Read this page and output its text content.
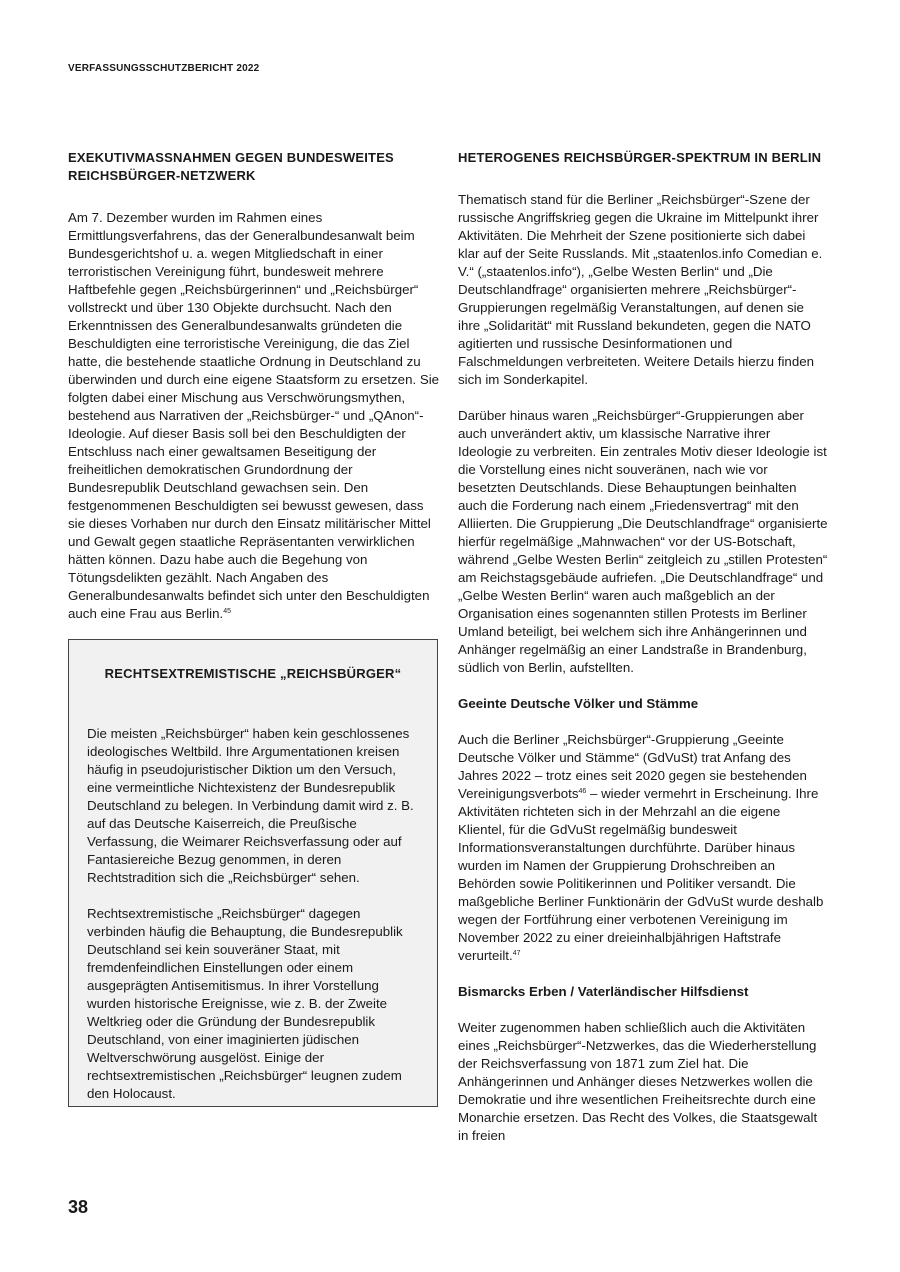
VERFASSUNGSSCHUTZBERICHT 2022
EXEKUTIVMASSNAHMEN GEGEN BUNDESWEITES REICHSBÜRGER-NETZWERK

Am 7. Dezember wurden im Rahmen eines Ermittlungsverfahrens, das der Generalbundesanwalt beim Bundesgerichtshof u. a. wegen Mitgliedschaft in einer terroristischen Vereinigung führt, bundesweit mehrere Haftbefehle gegen „Reichsbürgerinnen“ und „Reichsbürger“ vollstreckt und über 130 Objekte durchsucht. Nach den Erkenntnissen des Generalbundesanwalts gründeten die Beschuldigten eine terroristische Vereinigung, die das Ziel hatte, die bestehende staatliche Ordnung in Deutschland zu überwinden und durch eine eigene Staatsform zu ersetzen. Sie folgten dabei einer Mischung aus Verschwörungsmythen, bestehend aus Narrativen der „Reichsbürger-“ und „QAnon“-Ideologie. Auf dieser Basis soll bei den Beschuldigten der Entschluss nach einer gewaltsamen Beseitigung der freiheitlichen demokratischen Grundordnung der Bundesrepublik Deutschland gewachsen sein. Den festgenommenen Beschuldigten sei bewusst gewesen, dass sie dieses Vorhaben nur durch den Einsatz militärischer Mittel und Gewalt gegen staatliche Repräsentanten verwirklichen hätten können. Dazu habe auch die Begehung von Tötungsdelikten gezählt. Nach Angaben des Generalbundesanwalts befindet sich unter den Beschuldigten auch eine Frau aus Berlin.$^{45}$

RECHTSEXTREMISTISCHE „REICHSBÜRGER“

Die meisten „Reichsbürger“ haben kein geschlossenes ideologisches Weltbild. Ihre Argumentationen kreisen häufig in pseudojuristischer Diktion um den Versuch, eine vermeintliche Nichtexistenz der Bundesrepublik Deutschland zu belegen. In Verbindung damit wird z. B. auf das Deutsche Kaiserreich, die Preußische Verfassung, die Weimarer Reichsverfassung oder auf Fantasiereiche Bezug genommen, in deren Rechtstradition sich die „Reichsbürger“ sehen.

Rechtsextremistische „Reichsbürger“ dagegen verbinden häufig die Behauptung, die Bundesrepublik Deutschland sei kein souveräner Staat, mit fremdenfeindlichen Einstellungen oder einem ausgeprägten Antisemitismus. In ihrer Vorstellung wurden historische Ereignisse, wie z. B. der Zweite Weltkrieg oder die Gründung der Bundesrepublik Deutschland, von einer imaginierten jüdischen Weltverschwörung ausgelöst. Einige der rechtsextremistischen „Reichsbürger“ leugnen zudem den Holocaust.

HETEROGENES REICHSBÜRGER-SPEKTRUM IN BERLIN

Thematisch stand für die Berliner „Reichsbürger“-Szene der russische Angriffskrieg gegen die Ukraine im Mittelpunkt ihrer Aktivitäten. Die Mehrheit der Szene positionierte sich dabei klar auf der Seite Russlands. Mit „staatenlos.info Comedian e. V.“ („staatenlos.info“), „Gelbe Westen Berlin“ und „Die Deutschlandfrage“ organisierten mehrere „Reichsbürger“-Gruppierungen regelmäßig Veranstaltungen, auf denen sie ihre „Solidarität“ mit Russland bekundeten, gegen die NATO agitierten und russische Desinformationen und Falschmeldungen verbreiteten. Weitere Details hierzu finden sich im Sonderkapitel.

Darüber hinaus waren „Reichsbürger“-Gruppierungen aber auch unverändert aktiv, um klassische Narrative ihrer Ideologie zu verbreiten. Ein zentrales Motiv dieser Ideologie ist die Vorstellung eines nicht souveränen, nach wie vor besetzten Deutschlands. Diese Behauptungen beinhalten auch die Forderung nach einem „Friedensvertrag“ mit den Alliierten. Die Gruppierung „Die Deutschlandfrage“ organisierte hierfür regelmäßige „Mahnwachen“ vor der US-Botschaft, während „Gelbe Westen Berlin“ zeitgleich zu „stillen Protesten“ am Reichstagsgebäude aufriefen. „Die Deutschlandfrage“ und „Gelbe Westen Berlin“ waren auch maßgeblich an der Organisation eines sogenannten stillen Protests im Berliner Umland beteiligt, bei welchem sich ihre Anhängerinnen und Anhänger regelmäßig an einer Landstraße in Brandenburg, südlich von Berlin, aufstellten.

Geeinte Deutsche Völker und Stämme

Auch die Berliner „Reichsbürger“-Gruppierung „Geeinte Deutsche Völker und Stämme“ (GdVuSt) trat Anfang des Jahres 2022 – trotz eines seit 2020 gegen sie bestehenden Vereinigungsverbots$^{46}$ – wieder vermehrt in Erscheinung. Ihre Aktivitäten richteten sich in der Mehrzahl an die eigene Klientel, für die GdVuSt regelmäßig bundesweit Informationsveranstaltungen durchführte. Darüber hinaus wurden im Namen der Gruppierung Drohschreiben an Behörden sowie Politikerinnen und Politiker versandt. Die maßgebliche Berliner Funktionärin der GdVuSt wurde deshalb wegen der Fortführung einer verbotenen Vereinigung im November 2022 zu einer dreieinhalbjährigen Haftstrafe verurteilt.$^{47}$

Bismarcks Erben / Vaterländischer Hilfsdienst

Weiter zugenommen haben schließlich auch die Aktivitäten eines „Reichsbürger“-Netzwerkes, das die Wiederherstellung der Reichsverfassung von 1871 zum Ziel hat. Die Anhängerinnen und Anhänger dieses Netzwerkes wollen die Demokratie und ihre wesentlichen Freiheitsrechte durch eine Monarchie ersetzen. Das Recht des Volkes, die Staatsgewalt in freien

38
